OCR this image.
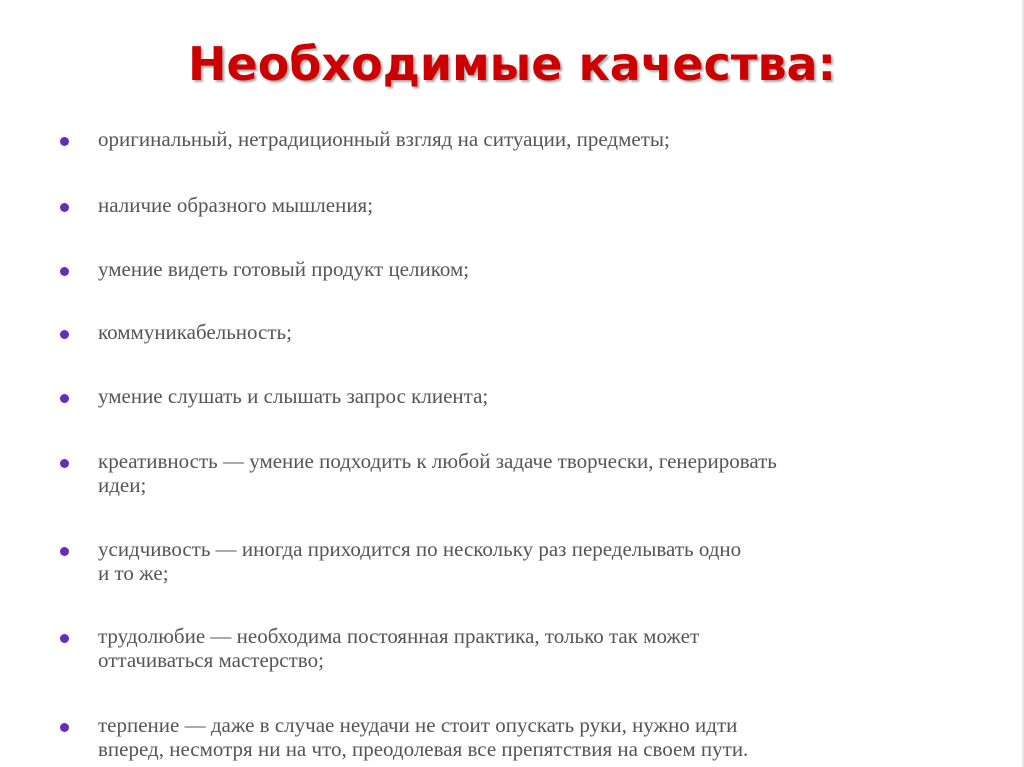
Необходимые качества:
оригинальный, нетрадиционный взгляд на ситуации, предметы;
наличие образного мышления;
умение видеть готовый продукт целиком;
коммуникабельность;
умение слушать и слышать запрос клиента;
креативность — умение подходить к любой задаче творчески, генерировать
идеи;
усидчивость — иногда приходится по нескольку раз переделывать одно
и то же;
трудолюбие — необходима постоянная практика, только так может
оттачиваться мастерство;
терпение — даже в случае неудачи не стоит опускать руки, нужно идти
вперед, несмотря ни на что, преодолевая все препятствия на своем пути.
